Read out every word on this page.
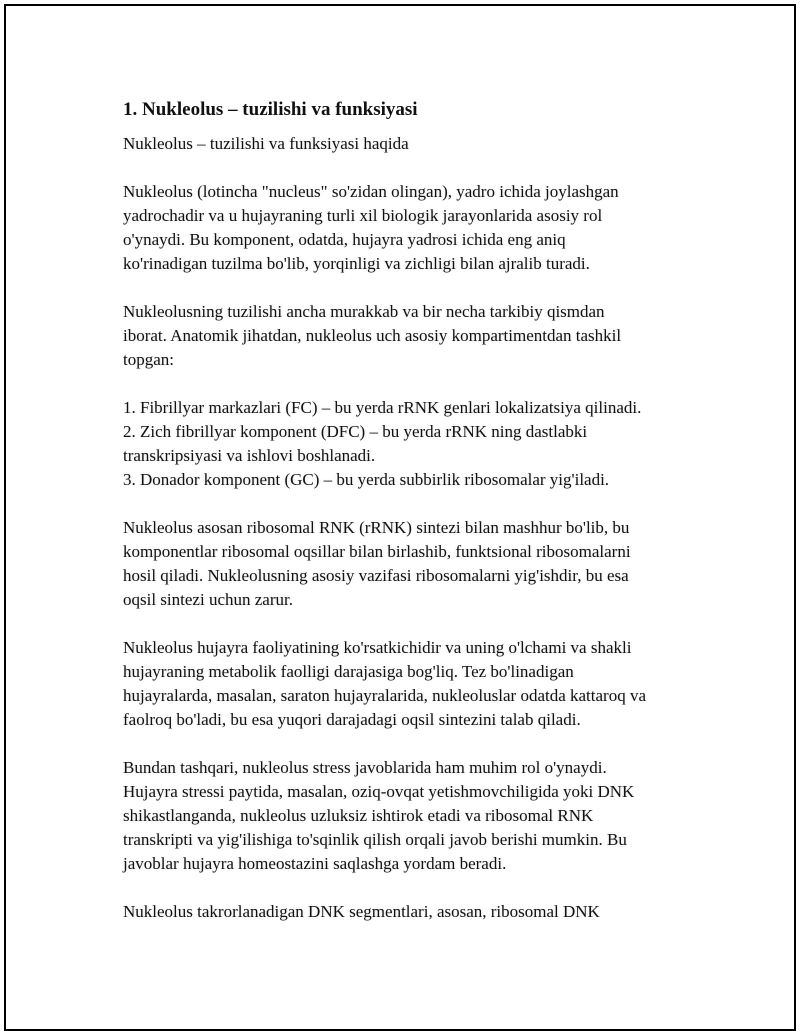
1. Nukleolus – tuzilishi va funksiyasi
Nukleolus – tuzilishi va funksiyasi haqida
Nukleolus (lotincha "nucleus" so'zidan olingan), yadro ichida joylashgan
yadrochadir va u hujayraning turli xil biologik jarayonlarida asosiy rol
o'ynaydi. Bu komponent, odatda, hujayra yadrosi ichida eng aniq
ko'rinadigan tuzilma bo'lib, yorqinligi va zichligi bilan ajralib turadi.
Nukleolusning tuzilishi ancha murakkab va bir necha tarkibiy qismdan
iborat. Anatomik jihatdan, nukleolus uch asosiy kompartimentdan tashkil
topgan:
1. Fibrillyar markazlari (FC) – bu yerda rRNK genlari lokalizatsiya qilinadi.
2. Zich fibrillyar komponent (DFC) – bu yerda rRNK ning dastlabki
transkripsiyasi va ishlovi boshlanadi.
3. Donador komponent (GC) – bu yerda subbirlik ribosomalar yig'iladi.
Nukleolus asosan ribosomal RNK (rRNK) sintezi bilan mashhur bo'lib, bu
komponentlar ribosomal oqsillar bilan birlashib, funktsional ribosomalarni
hosil qiladi. Nukleolusning asosiy vazifasi ribosomalarni yig'ishdir, bu esa
oqsil sintezi uchun zarur.
Nukleolus hujayra faoliyatining ko'rsatkichidir va uning o'lchami va shakli
hujayraning metabolik faolligi darajasiga bog'liq. Tez bo'linadigan
hujayralarda, masalan, saraton hujayralarida, nukleoluslar odatda kattaroq va
faolroq bo'ladi, bu esa yuqori darajadagi oqsil sintezini talab qiladi.
Bundan tashqari, nukleolus stress javoblarida ham muhim rol o'ynaydi.
Hujayra stressi paytida, masalan, oziq-ovqat yetishmovchiligida yoki DNK
shikastlanganda, nukleolus uzluksiz ishtirok etadi va ribosomal RNK
transkripti va yig'ilishiga to'sqinlik qilish orqali javob berishi mumkin. Bu
javoblar hujayra homeostazini saqlashga yordam beradi.
Nukleolus takrorlanadigan DNK segmentlari, asosan, ribosomal DNK
